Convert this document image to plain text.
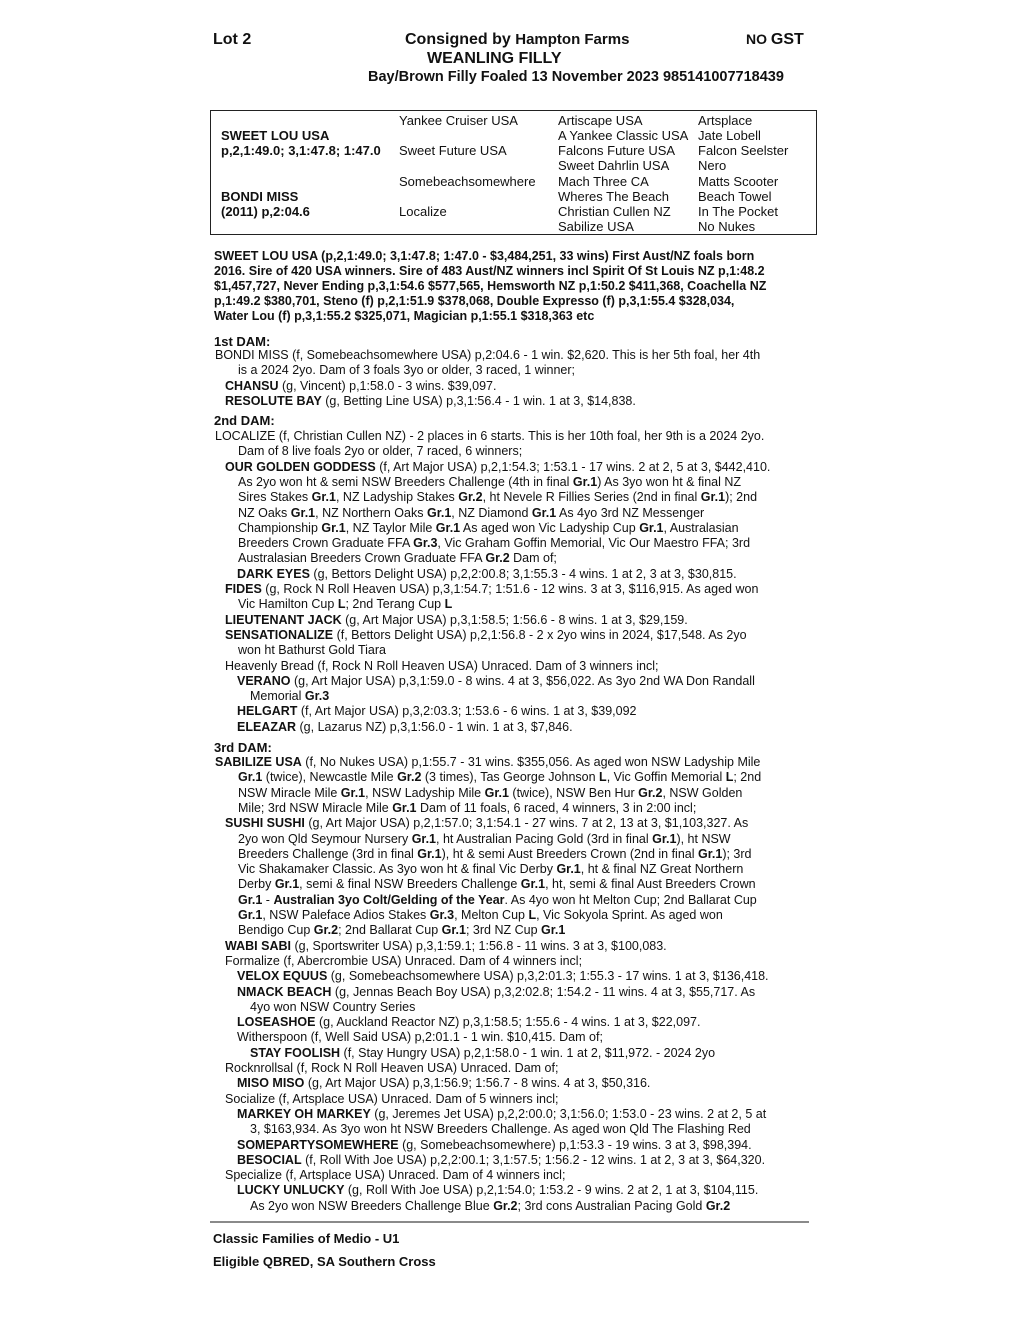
Lot 2	Consigned by Hampton Farms	NO GST
WEANLING FILLY
Bay/Brown Filly Foaled 13 November 2023 985141007718439
SWEET LOU USA
p,2,1:49.0; 3,1:47.8; 1:47.0
BONDI MISS
(2011) p,2:04.6
Yankee Cruiser USA
Sweet Future USA
Somebeachsomewhere
Localize
Artiscape USA
A Yankee Classic USA
Falcons Future USA
Sweet Dahrlin USA
Mach Three CA
Wheres The Beach
Christian Cullen NZ
Sabilize USA
Artsplace
Jate Lobell
Falcon Seelster
Nero
Matts Scooter
Beach Towel
In The Pocket
No Nukes
SWEET LOU USA (p,2,1:49.0; 3,1:47.8; 1:47.0 - $3,484,251, 33 wins) First Aust/NZ foals born
2016. Sire of 420 USA winners. Sire of 483 Aust/NZ winners incl Spirit Of St Louis NZ p,1:48.2
$1,457,727, Never Ending p,3,1:54.6 $577,565, Hemsworth NZ p,1:50.2 $411,368, Coachella NZ
p,1:49.2 $380,701, Steno (f) p,2,1:51.9 $378,068, Double Expresso (f) p,3,1:55.4 $328,034,
Water Lou (f) p,3,1:55.2 $325,071, Magician p,1:55.1 $318,363 etc
1st DAM:
2nd DAM:
3rd DAM:
BONDI MISS (f, Somebeachsomewhere USA) p,2:04.6 - 1 win. $2,620. This is her 5th foal, her 4th
is a 2024 2yo. Dam of 3 foals 3yo or older, 3 raced, 1 winner;
CHANSU (g, Vincent) p,1:58.0 - 3 wins. $39,097.
RESOLUTE BAY (g, Betting Line USA) p,3,1:56.4 - 1 win. 1 at 3, $14,838.
LOCALIZE (f, Christian Cullen NZ) - 2 places in 6 starts. This is her 10th foal, her 9th is a 2024 2yo.
Dam of 8 live foals 2yo or older, 7 raced, 6 winners;
OUR GOLDEN GODDESS (f, Art Major USA) p,2,1:54.3; 1:53.1 - 17 wins. 2 at 2, 5 at 3, $442,410.
As 2yo won ht & semi NSW Breeders Challenge (4th in final Gr.1) As 3yo won ht & final NZ
Sires Stakes Gr.1, NZ Ladyship Stakes Gr.2, ht Nevele R Fillies Series (2nd in final Gr.1); 2nd
NZ Oaks Gr.1, NZ Northern Oaks Gr.1, NZ Diamond Gr.1 As 4yo 3rd NZ Messenger
Championship Gr.1, NZ Taylor Mile Gr.1 As aged won Vic Ladyship Cup Gr.1, Australasian
Breeders Crown Graduate FFA Gr.3, Vic Graham Goffin Memorial, Vic Our Maestro FFA; 3rd
Australasian Breeders Crown Graduate FFA Gr.2 Dam of;
DARK EYES (g, Bettors Delight USA) p,2,2:00.8; 3,1:55.3 - 4 wins. 1 at 2, 3 at 3, $30,815.
FIDES (g, Rock N Roll Heaven USA) p,3,1:54.7; 1:51.6 - 12 wins. 3 at 3, $116,915. As aged won
Vic Hamilton Cup L; 2nd Terang Cup L
LIEUTENANT JACK (g, Art Major USA) p,3,1:58.5; 1:56.6 - 8 wins. 1 at 3, $29,159.
SENSATIONALIZE (f, Bettors Delight USA) p,2,1:56.8 - 2 x 2yo wins in 2024, $17,548. As 2yo
won ht Bathurst Gold Tiara
Heavenly Bread (f, Rock N Roll Heaven USA) Unraced. Dam of 3 winners incl;
VERANO (g, Art Major USA) p,3,1:59.0 - 8 wins. 4 at 3, $56,022. As 3yo 2nd WA Don Randall
Memorial Gr.3
HELGART (f, Art Major USA) p,3,2:03.3; 1:53.6 - 6 wins. 1 at 3, $39,092
ELEAZAR (g, Lazarus NZ) p,3,1:56.0 - 1 win. 1 at 3, $7,846.
SABILIZE USA (f, No Nukes USA) p,1:55.7 - 31 wins. $355,056. As aged won NSW Ladyship Mile
Gr.1 (twice), Newcastle Mile Gr.2 (3 times), Tas George Johnson L, Vic Goffin Memorial L; 2nd
NSW Miracle Mile Gr.1, NSW Ladyship Mile Gr.1 (twice), NSW Ben Hur Gr.2, NSW Golden
Mile; 3rd NSW Miracle Mile Gr.1 Dam of 11 foals, 6 raced, 4 winners, 3 in 2:00 incl;
SUSHI SUSHI (g, Art Major USA) p,2,1:57.0; 3,1:54.1 - 27 wins. 7 at 2, 13 at 3, $1,103,327. As
2yo won Qld Seymour Nursery Gr.1, ht Australian Pacing Gold (3rd in final Gr.1), ht NSW
Breeders Challenge (3rd in final Gr.1), ht & semi Aust Breeders Crown (2nd in final Gr.1); 3rd
Vic Shakamaker Classic. As 3yo won ht & final Vic Derby Gr.1, ht & final NZ Great Northern
Derby Gr.1, semi & final NSW Breeders Challenge Gr.1, ht, semi & final Aust Breeders Crown
Gr.1 - Australian 3yo Colt/Gelding of the Year. As 4yo won ht Melton Cup; 2nd Ballarat Cup
Gr.1, NSW Paleface Adios Stakes Gr.3, Melton Cup L, Vic Sokyola Sprint. As aged won
Bendigo Cup Gr.2; 2nd Ballarat Cup Gr.1; 3rd NZ Cup Gr.1
WABI SABI (g, Sportswriter USA) p,3,1:59.1; 1:56.8 - 11 wins. 3 at 3, $100,083.
Formalize (f, Abercrombie USA) Unraced. Dam of 4 winners incl;
VELOX EQUUS (g, Somebeachsomewhere USA) p,3,2:01.3; 1:55.3 - 17 wins. 1 at 3, $136,418.
NMACK BEACH (g, Jennas Beach Boy USA) p,3,2:02.8; 1:54.2 - 11 wins. 4 at 3, $55,717. As
4yo won NSW Country Series
LOSEASHOE (g, Auckland Reactor NZ) p,3,1:58.5; 1:55.6 - 4 wins. 1 at 3, $22,097.
Witherspoon (f, Well Said USA) p,2:01.1 - 1 win. $10,415. Dam of;
STAY FOOLISH (f, Stay Hungry USA) p,2,1:58.0 - 1 win. 1 at 2, $11,972. - 2024 2yo
Rocknrollsal (f, Rock N Roll Heaven USA) Unraced. Dam of;
MISO MISO (g, Art Major USA) p,3,1:56.9; 1:56.7 - 8 wins. 4 at 3, $50,316.
Socialize (f, Artsplace USA) Unraced. Dam of 5 winners incl;
MARKEY OH MARKEY (g, Jeremes Jet USA) p,2,2:00.0; 3,1:56.0; 1:53.0 - 23 wins. 2 at 2, 5 at
3, $163,934. As 3yo won ht NSW Breeders Challenge. As aged won Qld The Flashing Red
SOMEPARTYSOMEWHERE (g, Somebeachsomewhere) p,1:53.3 - 19 wins. 3 at 3, $98,394.
BESOCIAL (f, Roll With Joe USA) p,2,2:00.1; 3,1:57.5; 1:56.2 - 12 wins. 1 at 2, 3 at 3, $64,320.
Specialize (f, Artsplace USA) Unraced. Dam of 4 winners incl;
LUCKY UNLUCKY (g, Roll With Joe USA) p,2,1:54.0; 1:53.2 - 9 wins. 2 at 2, 1 at 3, $104,115.
As 2yo won NSW Breeders Challenge Blue Gr.2; 3rd cons Australian Pacing Gold Gr.2
Classic Families of Medio - U1
Eligible QBRED, SA Southern Cross
